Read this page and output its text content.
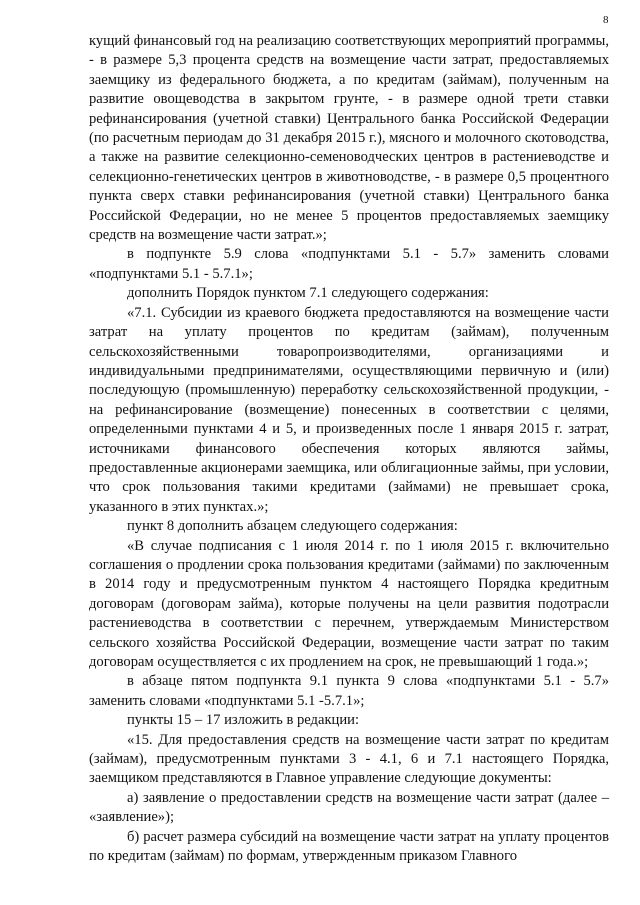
8

кущий финансовый год на реализацию соответствующих мероприятий программы, - в размере 5,3 процента средств на возмещение части затрат, предоставляемых заемщику из федерального бюджета, а по кредитам (займам), полученным на развитие овощеводства в закрытом грунте, - в размере одной трети ставки рефинансирования (учетной ставки) Центрального банка Российской Федерации (по расчетным периодам до 31 декабря 2015 г.), мясного и молочного скотоводства, а также на развитие селекционно-семеноводческих центров в растениеводстве и селекционно-генетических центров в животноводстве, - в размере 0,5 процентного пункта сверх ставки рефинансирования (учетной ставки) Центрального банка Российской Федерации, но не менее 5 процентов предоставляемых заемщику средств на возмещение части затрат.»;

в подпункте 5.9 слова «подпунктами 5.1 - 5.7» заменить словами «подпунктами 5.1 - 5.7.1»;

дополнить Порядок пунктом 7.1 следующего содержания:

«7.1. Субсидии из краевого бюджета предоставляются на возмещение части затрат на уплату процентов по кредитам (займам), полученным сельскохозяйственными товаропроизводителями, организациями и индивидуальными предпринимателями, осуществляющими первичную и (или) последующую (промышленную) переработку сельскохозяйственной продукции, - на рефинансирование (возмещение) понесенных в соответствии с целями, определенными пунктами 4 и 5, и произведенных после 1 января 2015 г. затрат, источниками финансового обеспечения которых являются займы, предоставленные акционерами заемщика, или облигационные займы, при условии, что срок пользования такими кредитами (займами) не превышает срока, указанного в этих пунктах.»;

пункт 8 дополнить абзацем следующего содержания:

«В случае подписания с 1 июля 2014 г. по 1 июля 2015 г. включительно соглашения о продлении срока пользования кредитами (займами) по заключенным в 2014 году и предусмотренным пунктом 4 настоящего Порядка кредитным договорам (договорам займа), которые получены на цели развития подотрасли растениеводства в соответствии с перечнем, утверждаемым Министерством сельского хозяйства Российской Федерации, возмещение части затрат по таким договорам осуществляется с их продлением на срок, не превышающий 1 года.»;

в абзаце пятом подпункта 9.1 пункта 9 слова «подпунктами 5.1 - 5.7» заменить словами «подпунктами 5.1 -5.7.1»;

пункты 15 – 17 изложить в редакции:

«15. Для предоставления средств на возмещение части затрат по кредитам (займам), предусмотренным пунктами 3 - 4.1, 6 и 7.1 настоящего Порядка, заемщиком представляются в Главное управление следующие документы:

а) заявление о предоставлении средств на возмещение части затрат (далее – «заявление»);

б) расчет размера субсидий на возмещение части затрат на уплату процентов по кредитам (займам) по формам, утвержденным приказом Главного
